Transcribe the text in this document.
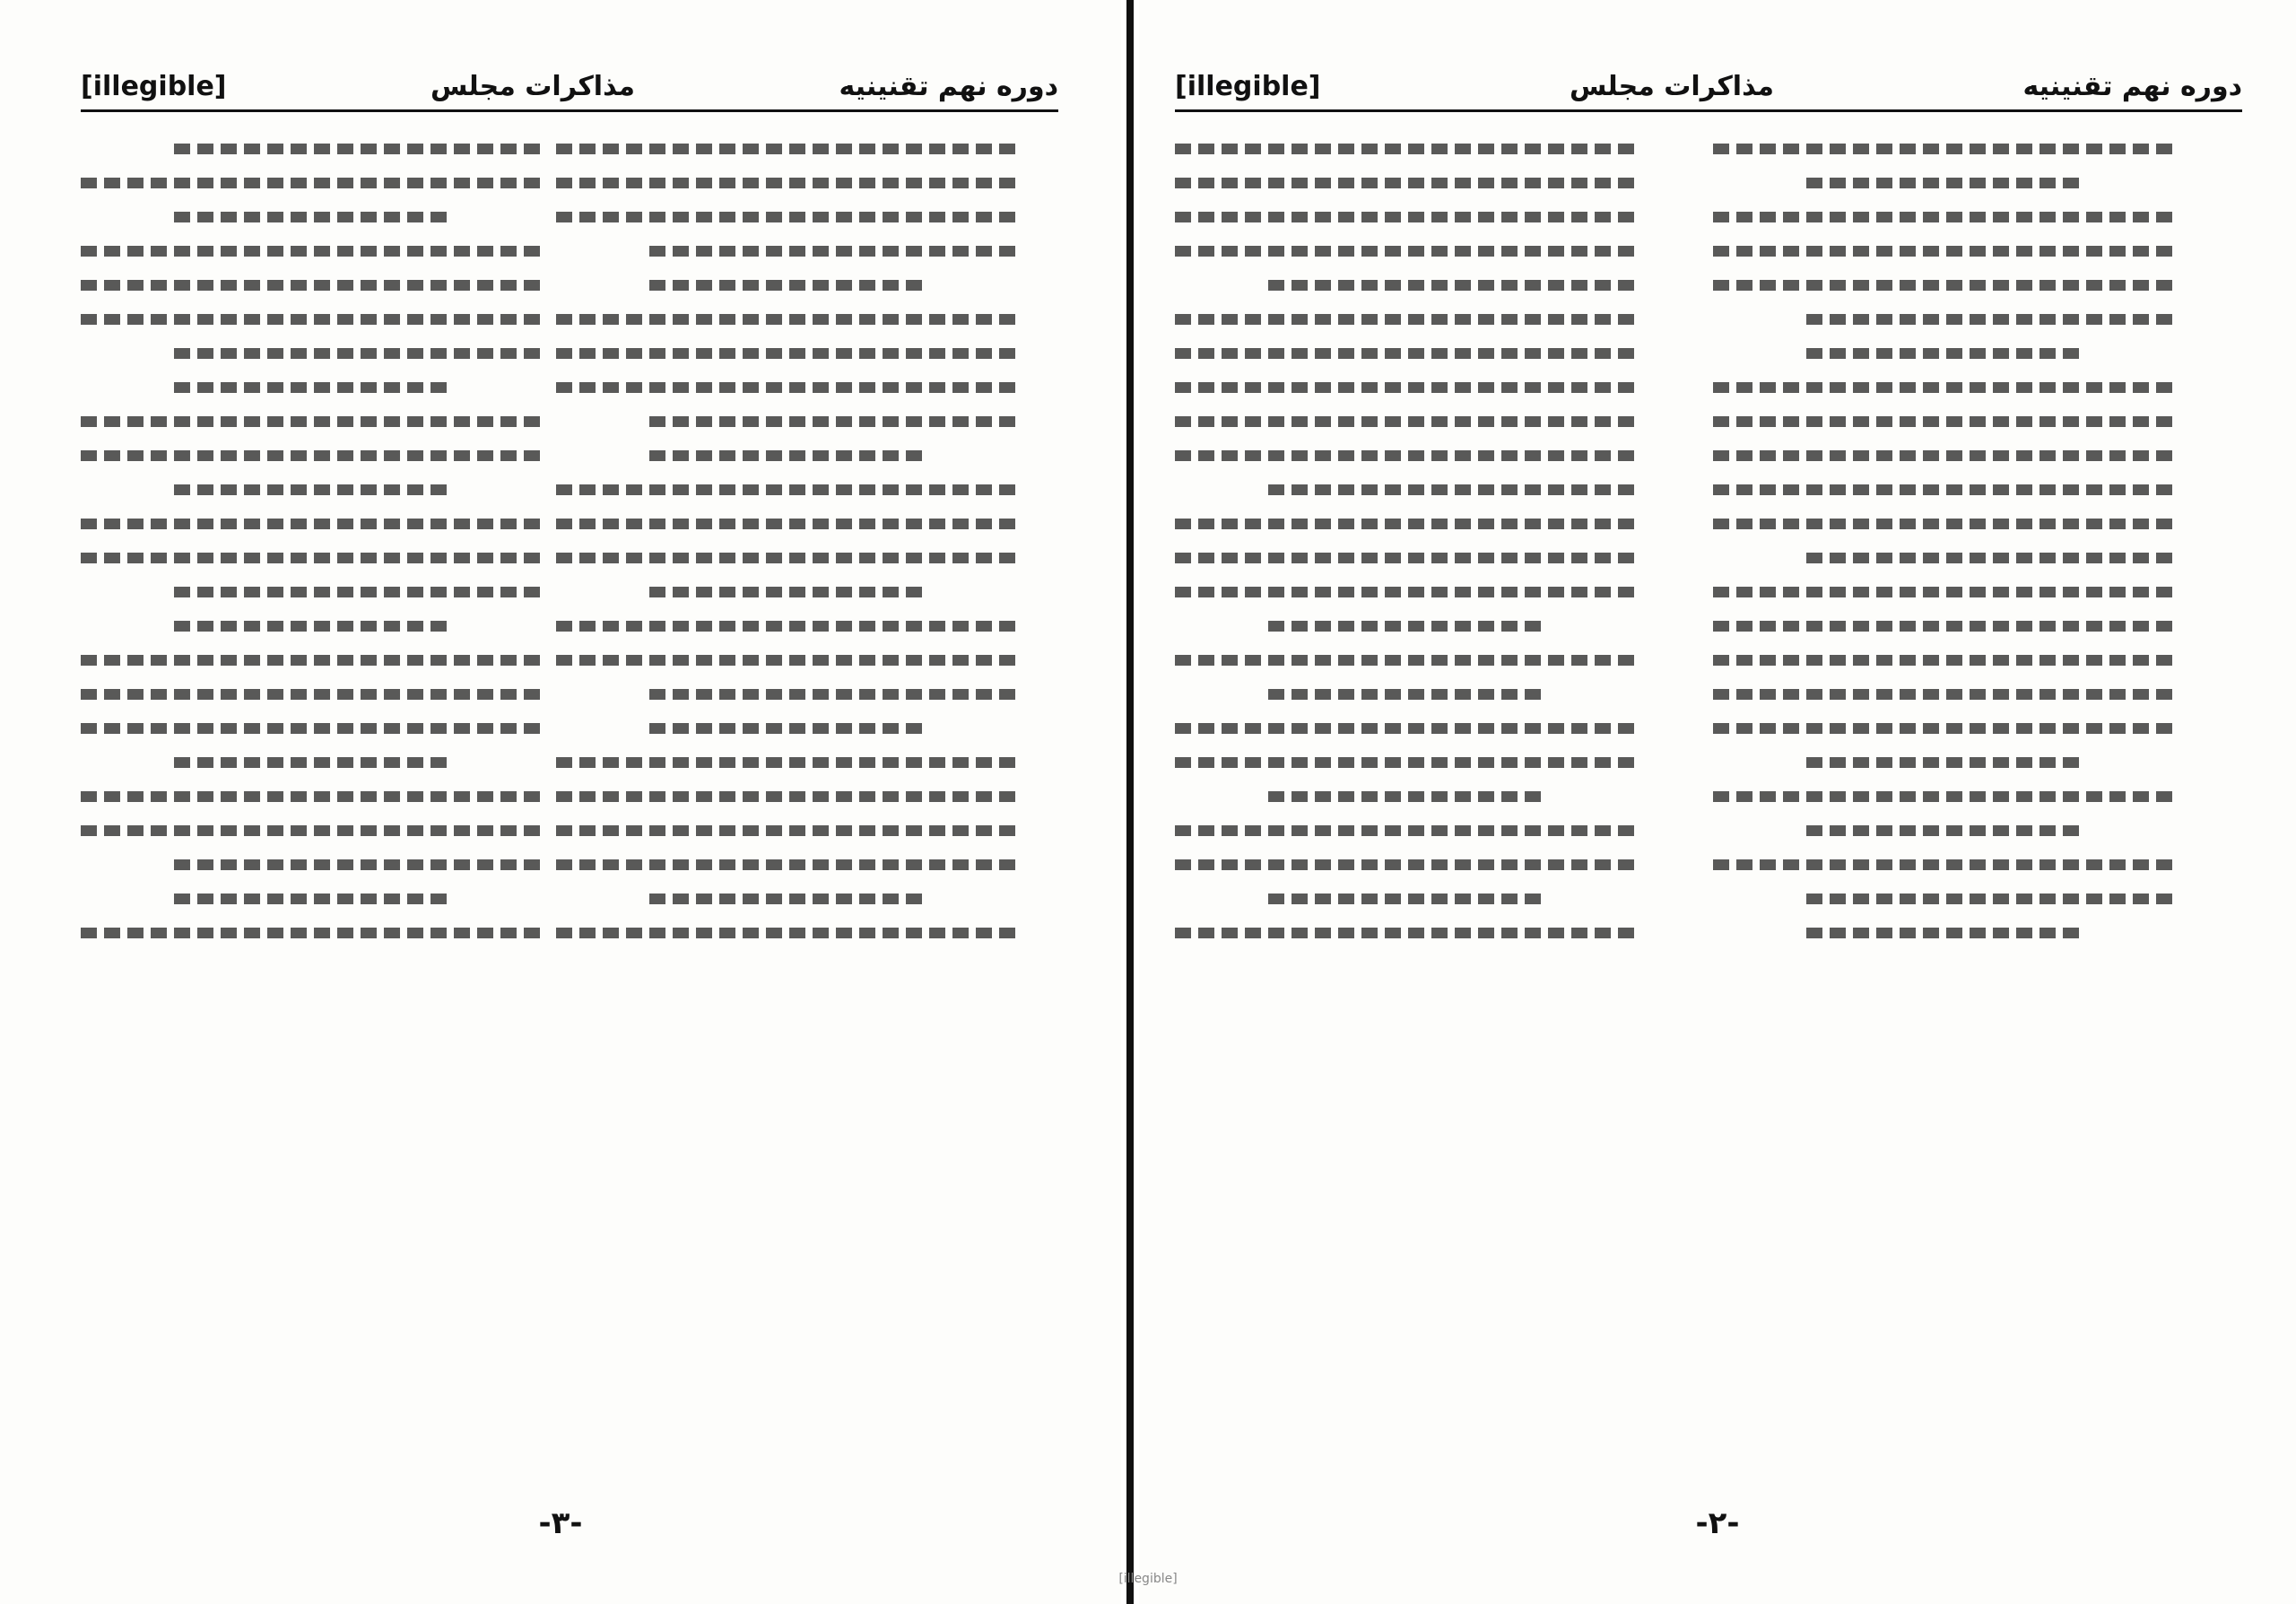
دوره نهم تقنینیه
مذاکرات مجلس
[illegible]
-٣-
دوره نهم تقنینیه
مذاکرات مجلس
[illegible]
-٢-
[illegible]
